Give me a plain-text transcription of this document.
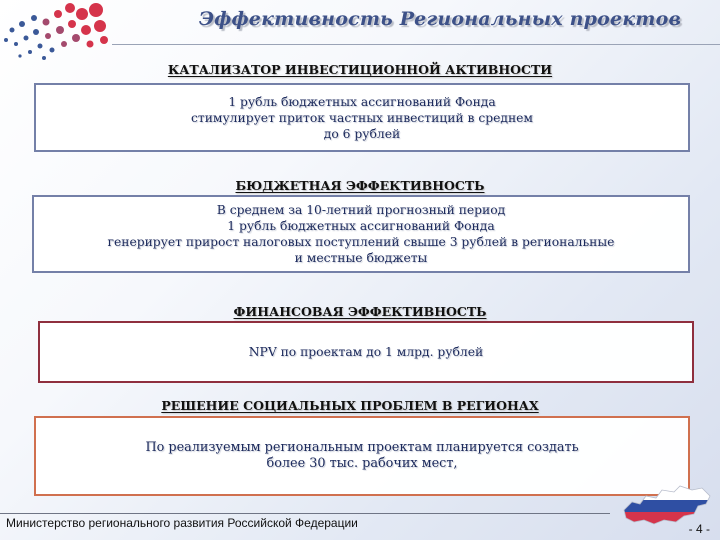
Эффективность Региональных проектов
КАТАЛИЗАТОР ИНВЕСТИЦИОННОЙ АКТИВНОСТИ
1 рубль бюджетных ассигнований Фонда
стимулирует приток частных инвестиций в среднем
до 6 рублей
БЮДЖЕТНАЯ ЭФФЕКТИВНОСТЬ
В среднем за 10-летний прогнозный период
1 рубль бюджетных ассигнований Фонда
генерирует прирост налоговых поступлений свыше 3 рублей в региональные
и местные бюджеты
ФИНАНСОВАЯ ЭФФЕКТИВНОСТЬ
NPV по проектам до 1 млрд. рублей
РЕШЕНИЕ СОЦИАЛЬНЫХ ПРОБЛЕМ В РЕГИОНАХ
По реализуемым региональным проектам планируется создать
более 30 тыс. рабочих мест,
Министерство регионального развития Российской Федерации	- 4 -
